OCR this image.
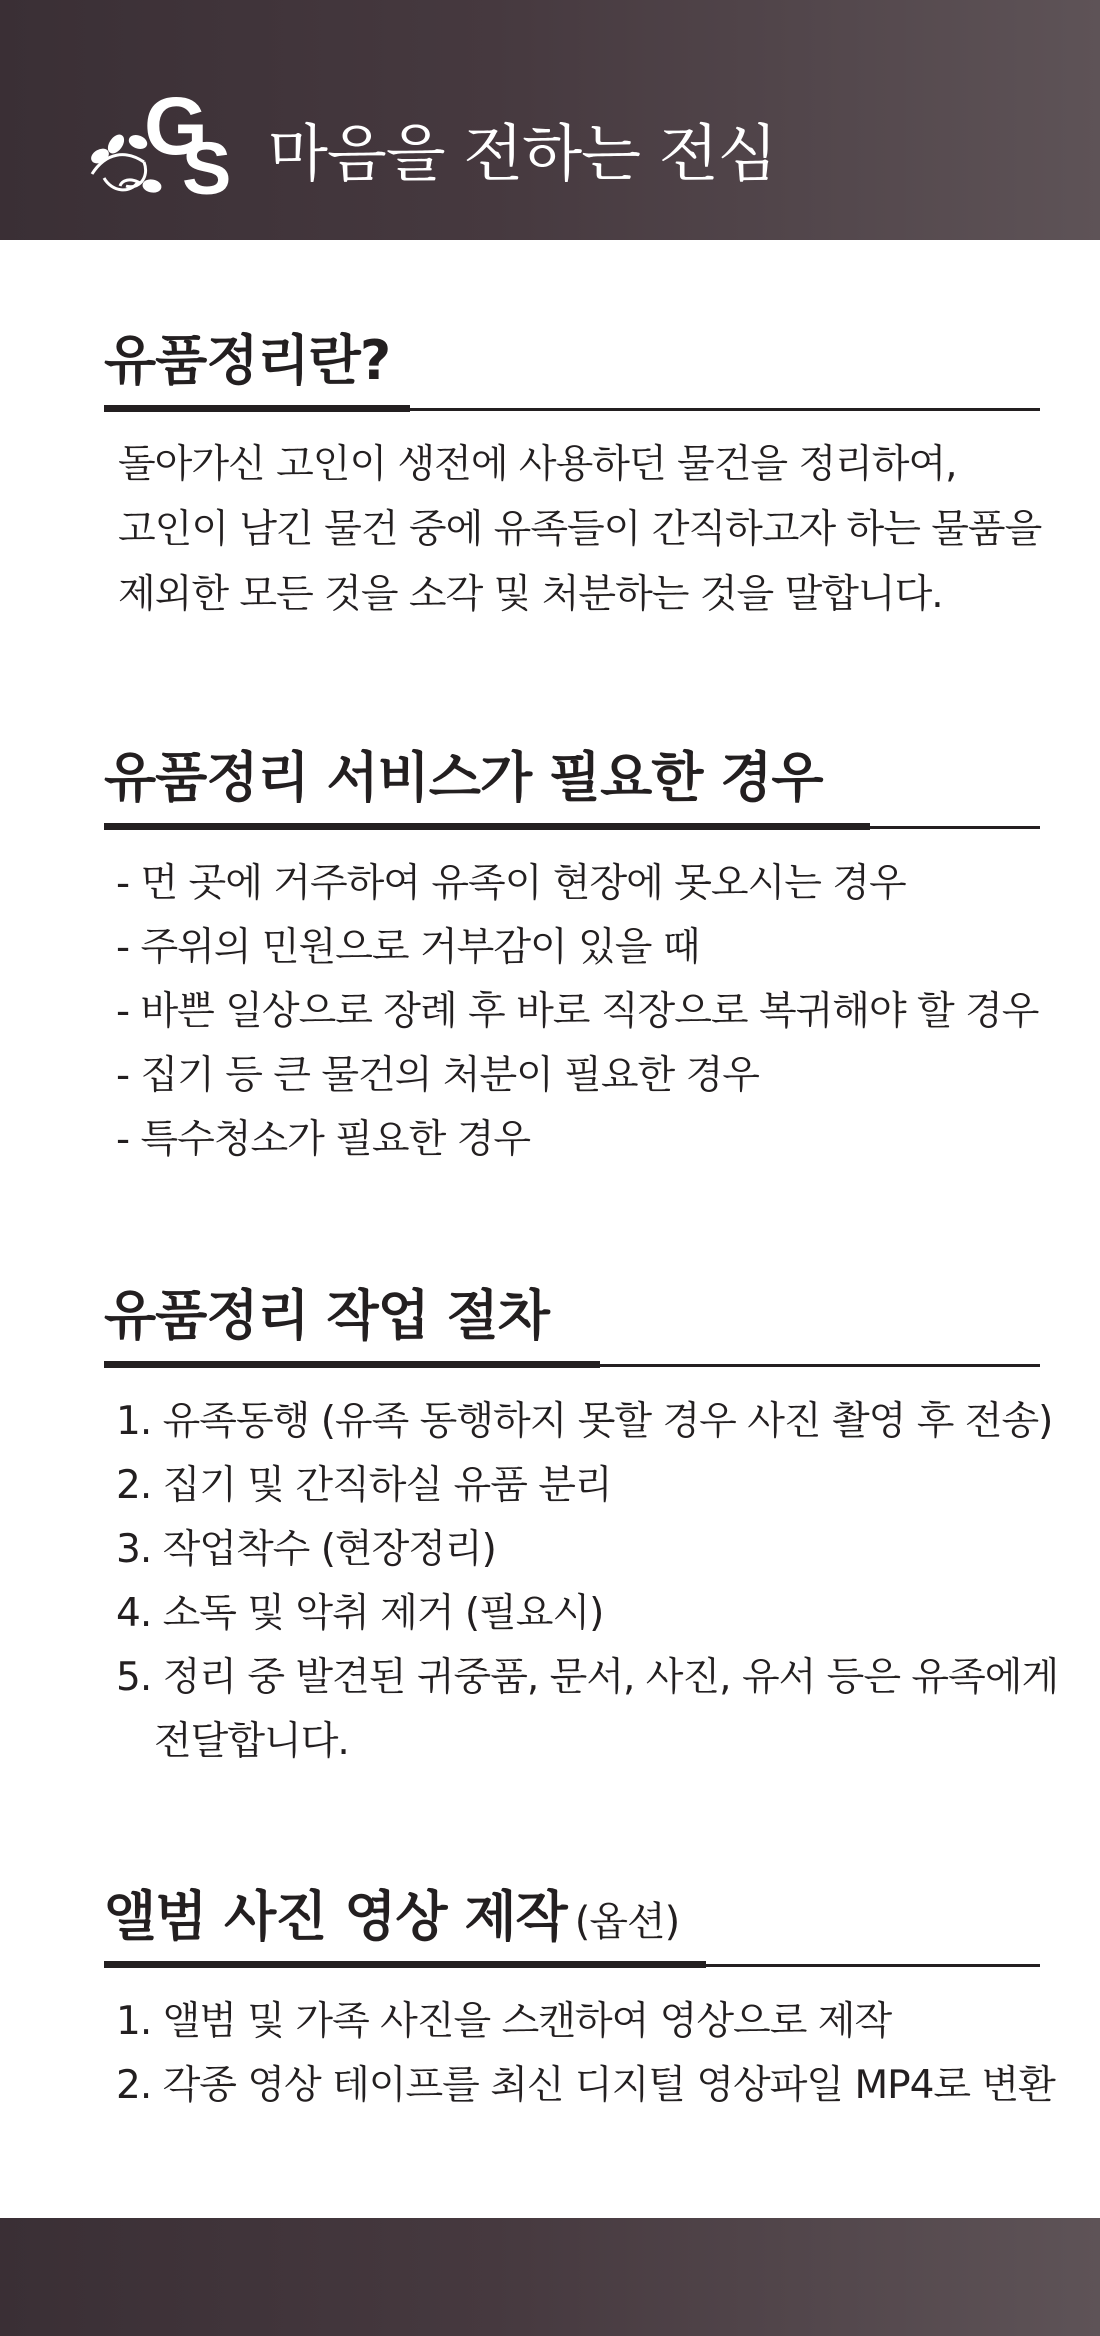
G
S 마음을 전하는 전심
유품정리란?
돌아가신 고인이 생전에 사용하던 물건을 정리하여,
고인이 남긴 물건 중에 유족들이 간직하고자 하는 물품을
제외한 모든 것을 소각 및 처분하는 것을 말합니다.
유품정리 서비스가 필요한 경우
- 먼 곳에 거주하여 유족이 현장에 못오시는 경우
- 주위의 민원으로 거부감이 있을 때
- 바쁜 일상으로 장례 후 바로 직장으로 복귀해야 할 경우
- 집기 등 큰 물건의 처분이 필요한 경우
- 특수청소가 필요한 경우
유품정리 작업 절차
1. 유족동행 (유족 동행하지 못할 경우 사진 촬영 후 전송)
2. 집기 및 간직하실 유품 분리
3. 작업착수 (현장정리)
4. 소독 및 악취 제거 (필요시)
5. 정리 중 발견된 귀중품, 문서, 사진, 유서 등은 유족에게 전달합니다.
앨범 사진 영상 제작 (옵션)
1. 앨범 및 가족 사진을 스캔하여 영상으로 제작
2. 각종 영상 테이프를 최신 디지털 영상파일 MP4로 변환
